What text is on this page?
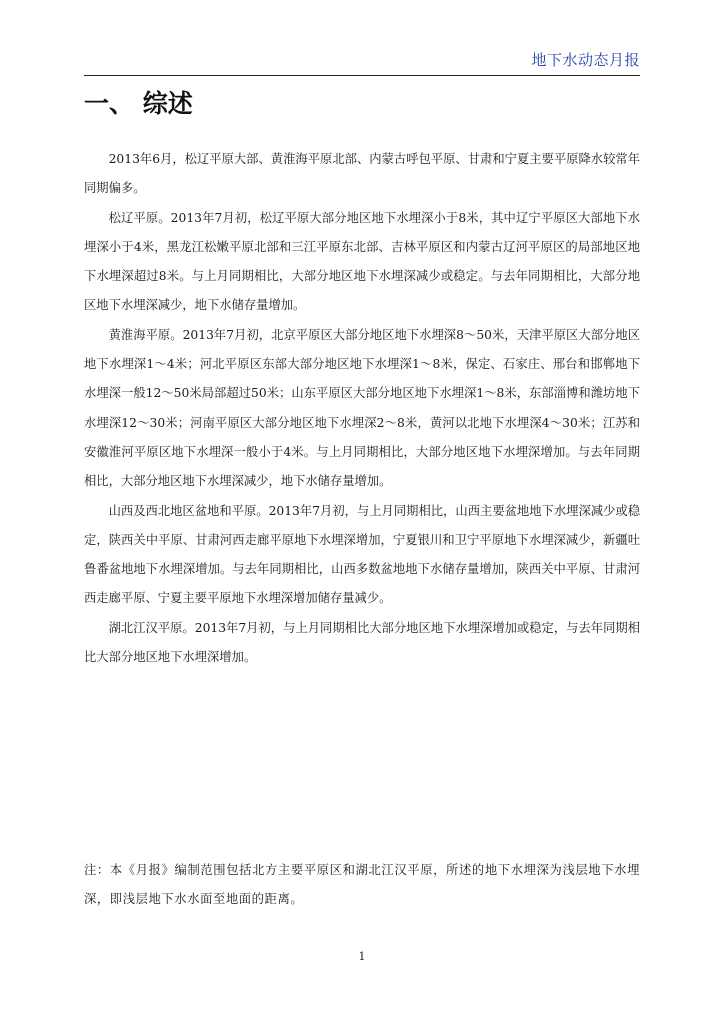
地下水动态月报
一、 综述

2013年6月，松辽平原大部、黄淮海平原北部、内蒙古呼包平原、甘肃和宁夏主要平原降水较常年同期偏多。

松辽平原。2013年7月初，松辽平原大部分地区地下水埋深小于8米，其中辽宁平原区大部地下水埋深小于4米，黑龙江松嫩平原北部和三江平原东北部、吉林平原区和内蒙古辽河平原区的局部地区地下水埋深超过8米。与上月同期相比，大部分地区地下水埋深减少或稳定。与去年同期相比，大部分地区地下水埋深减少，地下水储存量增加。

黄淮海平原。2013年7月初，北京平原区大部分地区地下水埋深8～50米，天津平原区大部分地区地下水埋深1～4米；河北平原区东部大部分地区地下水埋深1～8米，保定、石家庄、邢台和邯郸地下水埋深一般12～50米局部超过50米；山东平原区大部分地区地下水埋深1～8米，东部淄博和潍坊地下水埋深12～30米；河南平原区大部分地区地下水埋深2～8米，黄河以北地下水埋深4～30米；江苏和安徽淮河平原区地下水埋深一般小于4米。与上月同期相比，大部分地区地下水埋深增加。与去年同期相比，大部分地区地下水埋深减少，地下水储存量增加。

山西及西北地区盆地和平原。2013年7月初，与上月同期相比，山西主要盆地地下水埋深减少或稳定，陕西关中平原、甘肃河西走廊平原地下水埋深增加，宁夏银川和卫宁平原地下水埋深减少，新疆吐鲁番盆地地下水埋深增加。与去年同期相比，山西多数盆地地下水储存量增加，陕西关中平原、甘肃河西走廊平原、宁夏主要平原地下水埋深增加储存量减少。

湖北江汉平原。2013年7月初，与上月同期相比大部分地区地下水埋深增加或稳定，与去年同期相比大部分地区地下水埋深增加。

注：本《月报》编制范围包括北方主要平原区和湖北江汉平原，所述的地下水埋深为浅层地下水埋深，即浅层地下水水面至地面的距离。

1
